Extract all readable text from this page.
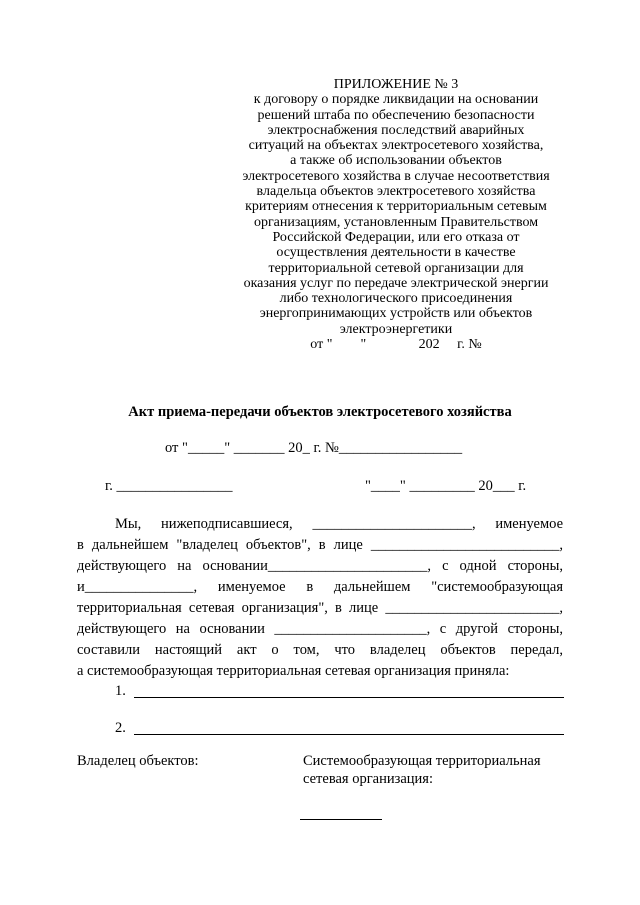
ПРИЛОЖЕНИЕ № 3
к договору о порядке ликвидации на основании
решений штаба по обеспечению безопасности
электроснабжения последствий аварийных
ситуаций на объектах электросетевого хозяйства,
а также об использовании объектов
электросетевого хозяйства в случае несоответствия
владельца объектов электросетевого хозяйства
критериям отнесения к территориальным сетевым
организациям, установленным Правительством
Российской Федерации, или его отказа от
осуществления деятельности в качестве
территориальной сетевой организации для
оказания услуг по передаче электрической энергии
либо технологического присоединения
энергопринимающих устройств или объектов
электроэнергетики
от "        "               202     г. №
Акт приема-передачи объектов электросетевого хозяйства
от "_____" _______ 20_ г. №_________________
г. ________________	"____" _________ 20___ г.
Мы, нижеподписавшиеся, ______________________, именуемое
в дальнейшем "владелец объектов", в лице __________________________,
действующего на основании______________________, с одной стороны,
и_______________, именуемое в дальнейшем "системообразующая
территориальная сетевая организация", в лице ________________________,
действующего на основании _____________________, с другой стороны,
составили настоящий акт о том, что владелец объектов передал,
а системообразующая территориальная сетевая организация приняла:
1.
2.
Владелец объектов:	Системообразующая территориальная
сетевая организация:
